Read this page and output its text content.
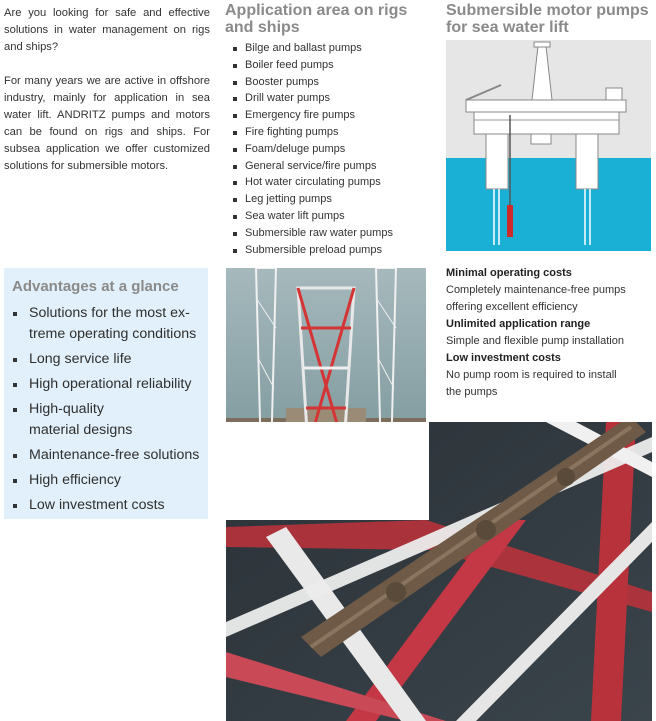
Are you looking for safe and effective solutions in water management on rigs and ships?

For many years we are active in offshore industry, mainly for application in sea water lift. ANDRITZ pumps and motors can be found on rigs and ships. For subsea application we offer customized solutions for submersible motors.

Application area on rigs
and ships
Bilge and ballast pumps
Boiler feed pumps
Booster pumps
Drill water pumps
Emergency fire pumps
Fire fighting pumps
Foam/deluge pumps
General service/fire pumps
Hot water circulating pumps
Leg jetting pumps
Sea water lift pumps
Submersible raw water pumps
Submersible preload pumps
Submersible motor pumps
for sea water lift
Advantages at a glance
Solutions for the most ex-
treme operating conditions
Long service life
High operational reliability
High-quality
material designs
Maintenance-free solutions
High efficiency
Low investment costs
Minimal operating costs
Completely maintenance-free pumps
offering excellent efficiency
Unlimited application range
Simple and flexible pump installation
Low investment costs
No pump room is required to install
the pumps
